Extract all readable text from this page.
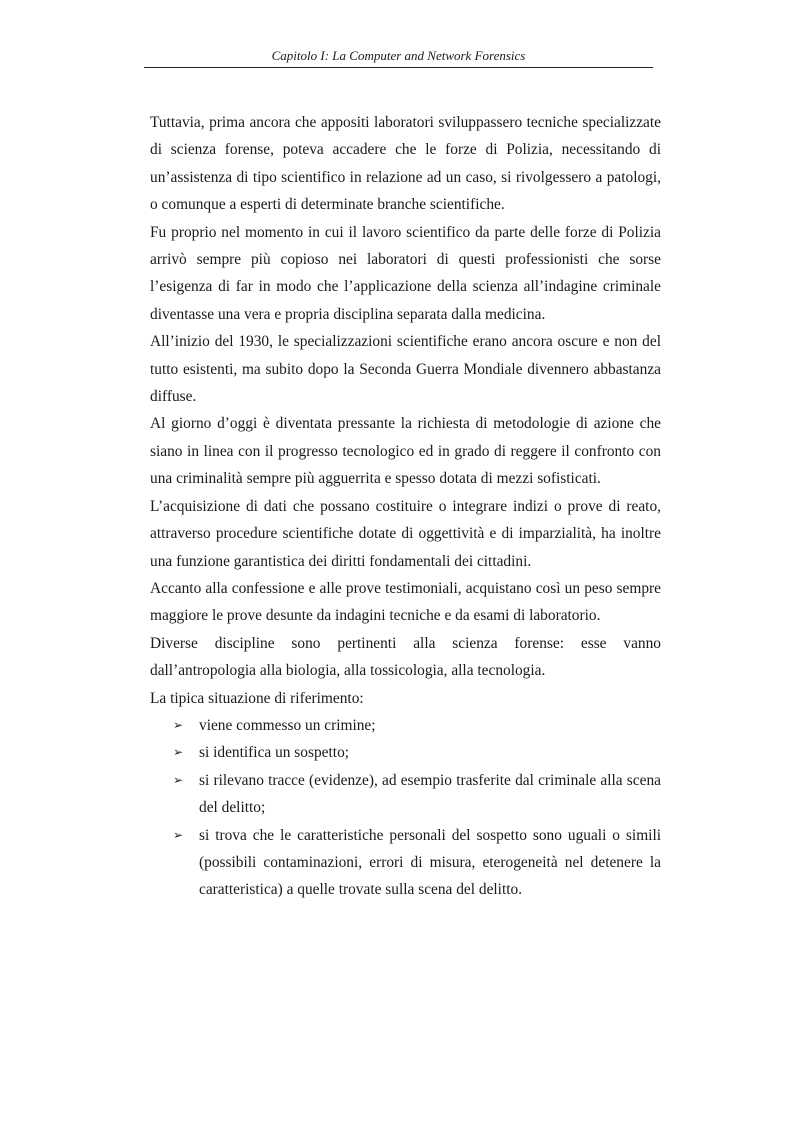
Capitolo I: La Computer and Network Forensics

Tuttavia, prima ancora che appositi laboratori sviluppassero tecniche specializzate di scienza forense, poteva accadere che le forze di Polizia, necessitando di un’assistenza di tipo scientifico in relazione ad un caso, si rivolgessero a patologi, o comunque a esperti di determinate branche scientifiche.

Fu proprio nel momento in cui il lavoro scientifico da parte delle forze di Polizia arrivò sempre più copioso nei laboratori di questi professionisti che sorse l’esigenza di far in modo che l’applicazione della scienza all’indagine criminale diventasse una vera e propria disciplina separata dalla medicina.

All’inizio del 1930, le specializzazioni scientifiche erano ancora oscure e non del tutto esistenti, ma subito dopo la Seconda Guerra Mondiale divennero abbastanza diffuse.

Al giorno d’oggi è diventata pressante la richiesta di metodologie di azione che siano in linea con il progresso tecnologico ed in grado di reggere il confronto con una criminalità sempre più agguerrita e spesso dotata di mezzi sofisticati.

L’acquisizione di dati che possano costituire o integrare indizi o prove di reato, attraverso procedure scientifiche dotate di oggettività e di imparzialità, ha inoltre una funzione garantistica dei diritti fondamentali dei cittadini.

Accanto alla confessione e alle prove testimoniali, acquistano così un peso sempre maggiore le prove desunte da indagini tecniche e da esami di laboratorio.

Diverse discipline sono pertinenti alla scienza forense: esse vanno dall’antropologia alla biologia, alla tossicologia, alla tecnologia.

La tipica situazione di riferimento:

➢ viene commesso un crimine;
➢ si identifica un sospetto;
➢ si rilevano tracce (evidenze), ad esempio trasferite dal criminale alla scena del delitto;
➢ si trova che le caratteristiche personali del sospetto sono uguali o simili (possibili contaminazioni, errori di misura, eterogeneità nel detenere la caratteristica) a quelle trovate sulla scena del delitto.
